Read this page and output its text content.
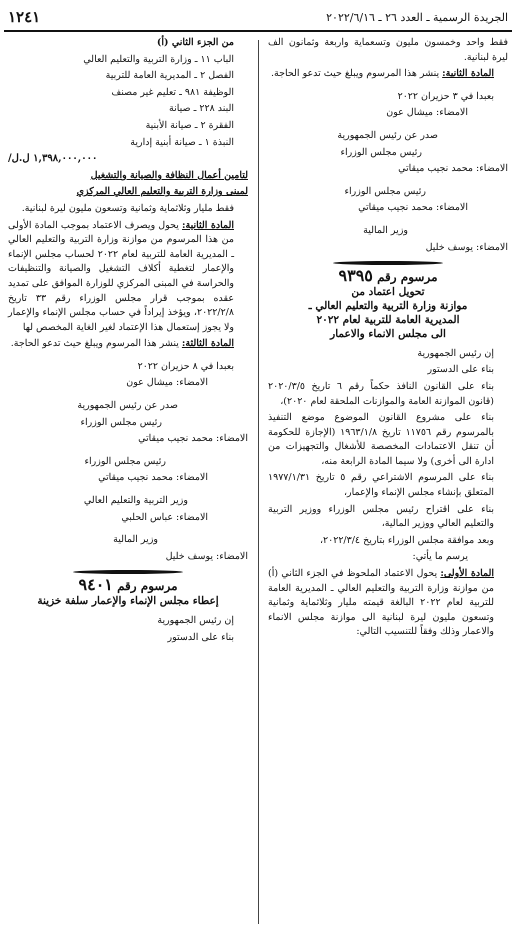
الجريدة الرسمية ـ العدد ٢٦ ـ ٢٠٢٢/٦/١٦
١٢٤١

فقط واحد وخمسون مليون وتسعماية واربعة وثمانون الف ليرة لبنانية.

المادة الثانية: ينشر هذا المرسوم ويبلغ حيث تدعو الحاجة.

بعبدا في ٣ حزيران ٢٠٢٢

الامضاء: ميشال عون

صدر عن رئيس الجمهورية

رئيس مجلس الوزراء

الامضاء: محمد نجيب ميقاتي

رئيس مجلس الوزراء

الامضاء: محمد نجيب ميقاتي

وزير المالية

الامضاء: يوسف خليل

مرسوم رقم ٩٣٩٥
تحويل اعتماد من
موازنة وزارة التربية والتعليم العالي ـ
المديرية العامة للتربية لعام ٢٠٢٢
الى مجلس الانماء والاعمار

إن رئيس الجمهورية

بناء على الدستور

بناء على القانون النافذ حكماً رقم ٦ تاريخ ٢٠٢٠/٣/٥ (قانون الموازنة العامة والموازنات الملحقة لعام ٢٠٢٠)،

بناء على مشروع القانون الموضوع موضع التنفيذ بالمرسوم رقم ١١٧٥٦ تاريخ ١٩٦٣/١/٨ (الإجازة للحكومة أن تنقل الاعتمادات المخصصة للأشغال والتجهيزات من ادارة الى أخرى) ولا سيما المادة الرابعة منه،

بناء على المرسوم الاشتراعي رقم ٥ تاريخ ١٩٧٧/١/٣١ المتعلق بإنشاء مجلس الإنماء والإعمار،

بناء على اقتراح رئيس مجلس الوزراء ووزير التربية والتعليم العالي ووزير المالية،

وبعد موافقة مجلس الوزراء بتاريخ ٢٠٢٢/٣/٤،

يرسم ما يأتي:

المادة الأولى: يحول الاعتماد الملحوظ في الجزء الثاني (أ) من موازنة وزارة التربية والتعليم العالي ـ المديرية العامة للتربية لعام ٢٠٢٢ البالغة قيمته مليار وثلاثماية وثمانية وتسعون مليون ليرة لبنانية الى موازنة مجلس الانماء والاعمار وذلك وفقاً للتنسيب التالي:

من الجزء الثاني (أ)

الباب ١١ ـ وزارة التربية والتعليم العالي

الفصل ٢ ـ المديرية العامة للتربية

الوظيفة ٩٨١ ـ تعليم غير مصنف

البند ٢٢٨ ـ صيانة

الفقرة ٢ ـ صيانة الأبنية

النبذة ١ ـ صيانة أبنية إدارية

/١,٣٩٨,٠٠٠,٠٠٠ ل.ل

لتامين أعمال النظافة والصيانة والتشغيل

لمبنى وزارة التربية والتعليم العالي المركزي

فقط مليار وثلاثماية وثمانية وتسعون مليون ليرة لبنانية.

المادة الثانية: يحول ويصرف الاعتماد بموجب المادة الأولى من هذا المرسوم من موازنة وزارة التربية والتعليم العالي ـ المديرية العامة للتربية لعام ٢٠٢٢ لحساب مجلس الإنماء والإعمار لتغطية أكلاف التشغيل والصيانة والتنظيفات والحراسة في المبنى المركزي للوزارة الموافق على تمديد عقده بموجب قرار مجلس الوزراء رقم ٣٣ تاريخ ٢٠٢٢/٢/٨، ويؤخذ إيراداً في حساب مجلس الإنماء والإعمار ولا يجوز إستعمال هذا الإعتماد لغير الغاية المخصص لها

المادة الثالثة: ينشر هذا المرسوم ويبلغ حيث تدعو الحاجة.

بعبدا في ٨ حزيران ٢٠٢٢

الامضاء: ميشال عون

صدر عن رئيس الجمهورية

رئيس مجلس الوزراء

الامضاء: محمد نجيب ميقاتي

رئيس مجلس الوزراء

الامضاء: محمد نجيب ميقاتي

وزير التربية والتعليم العالي

الامضاء: عباس الحلبي

وزير المالية

الامضاء: يوسف خليل

مرسوم رقم ٩٤٠١
إعطاء مجلس الإنماء والإعمار سلفة خزينة

إن رئيس الجمهورية

بناء على الدستور
